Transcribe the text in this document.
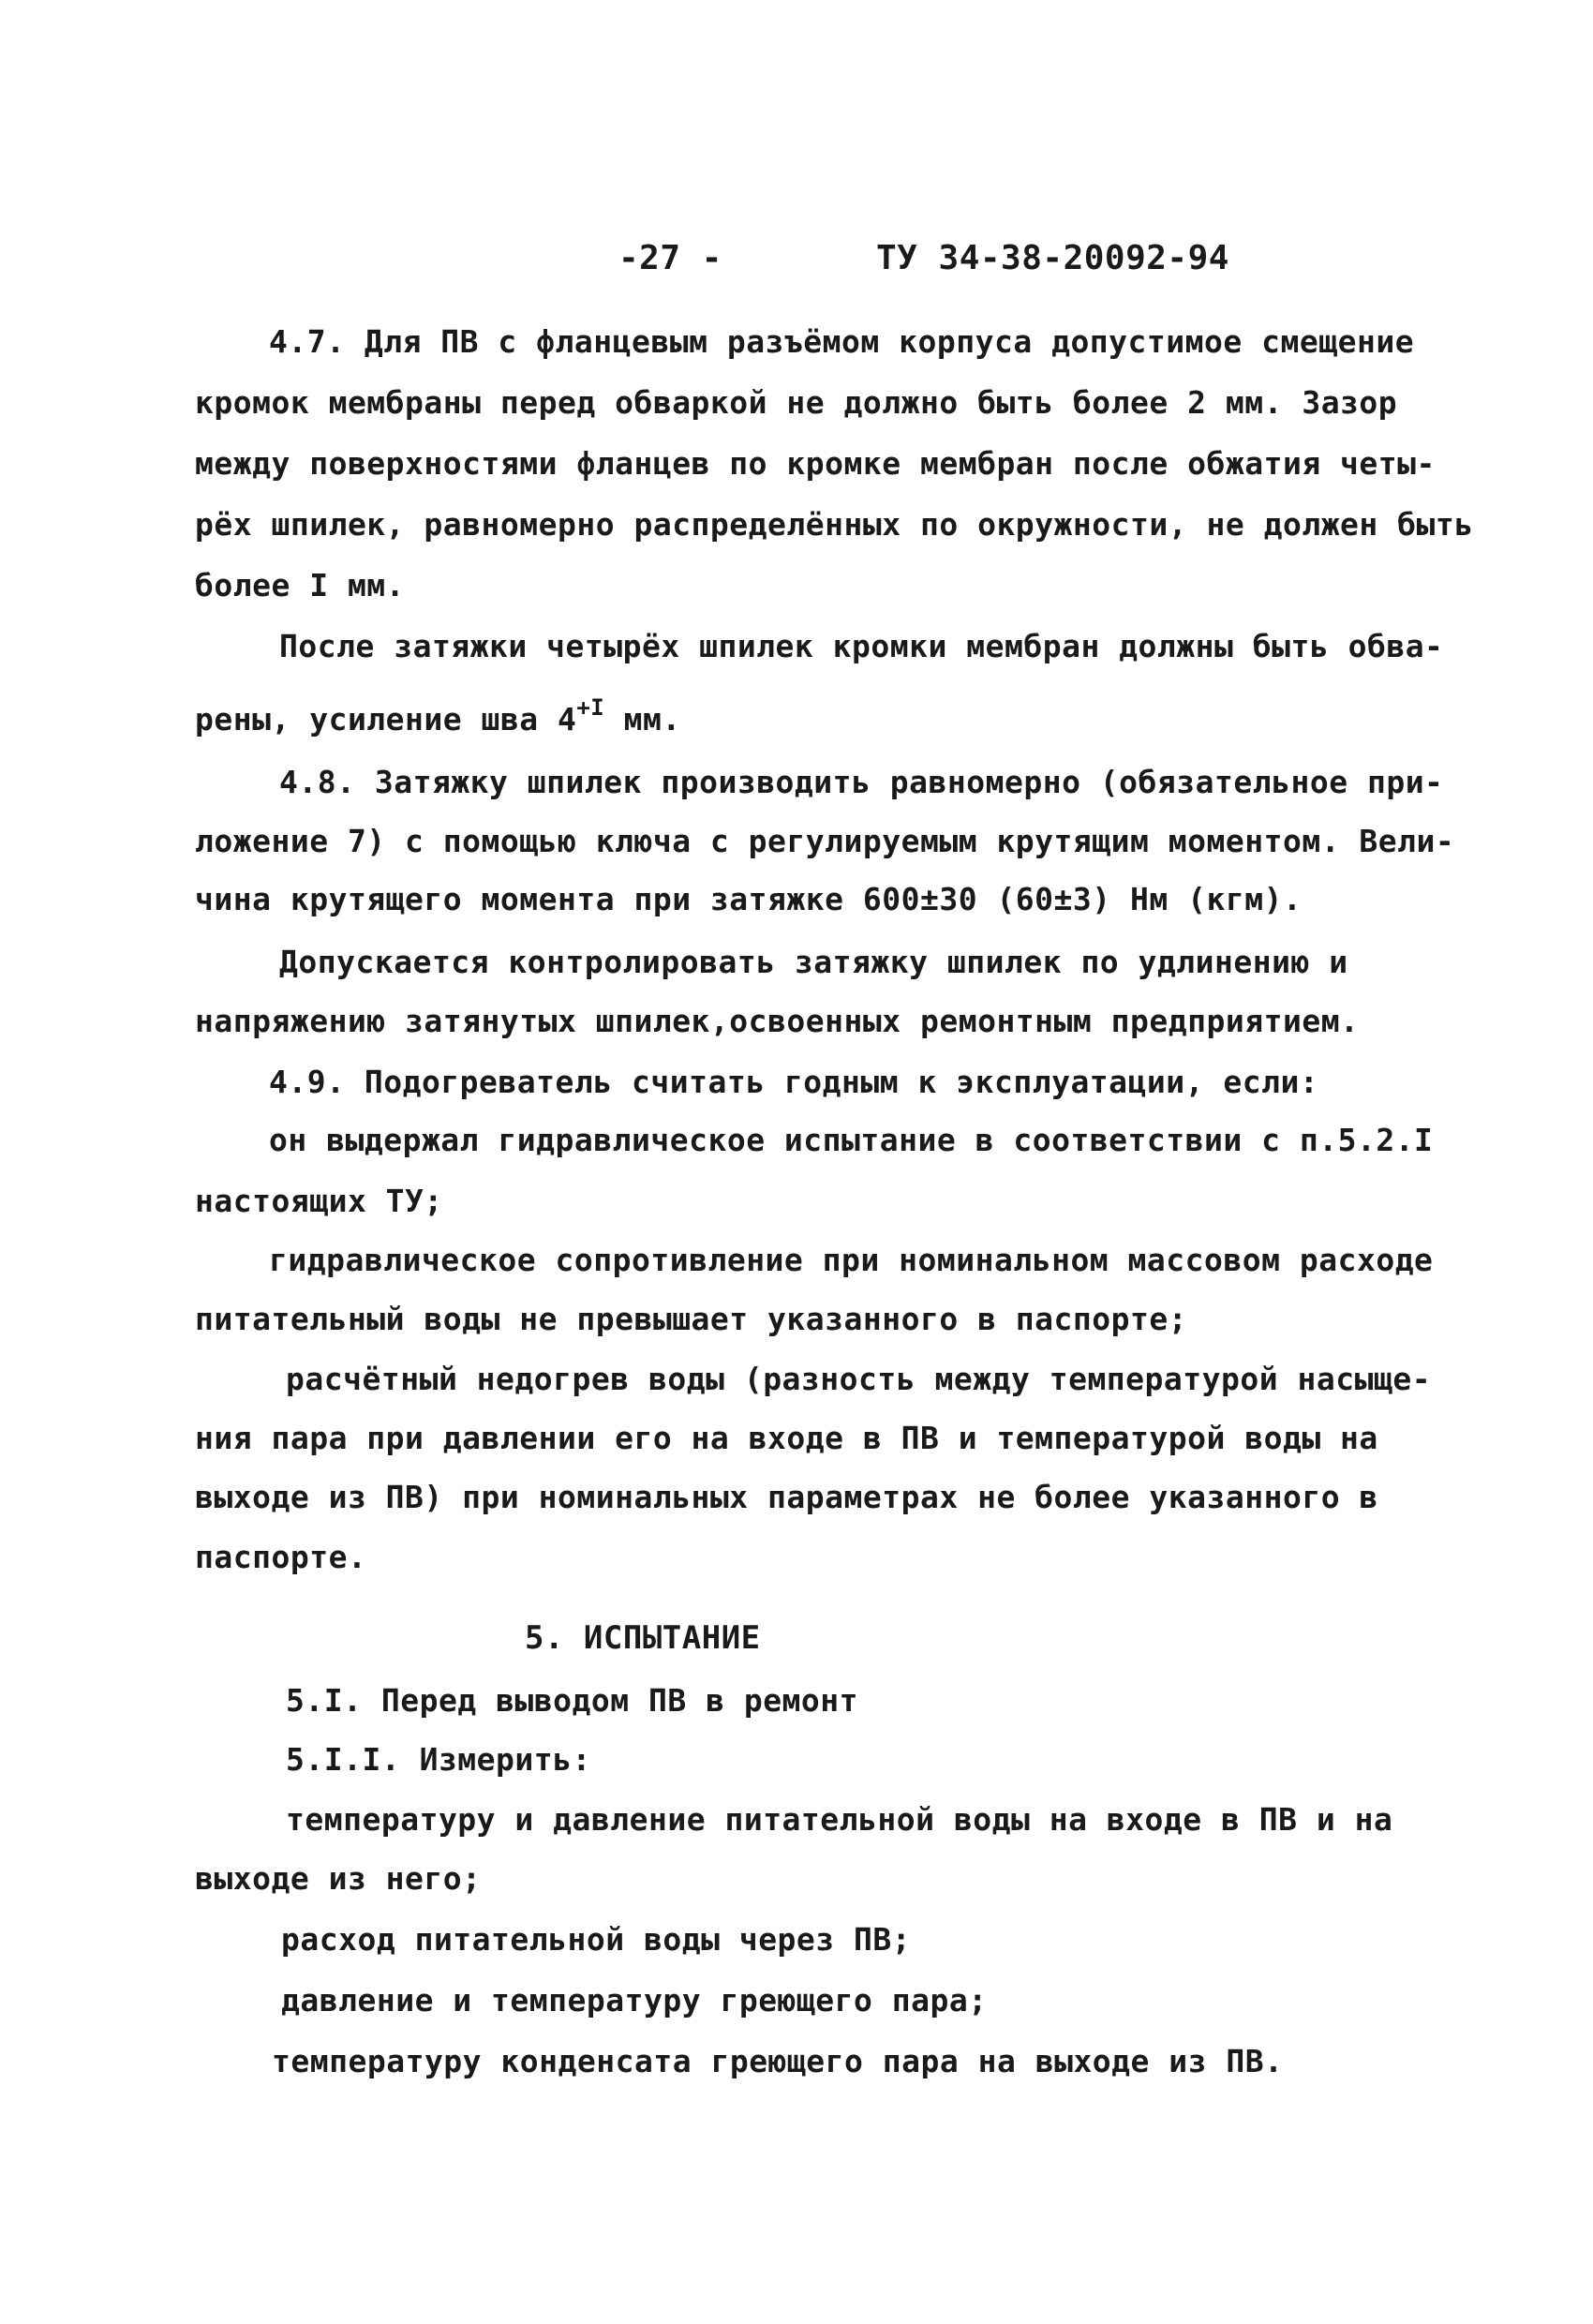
-27 -	ТУ 34-38-20092-94
4.7. Для ПВ с фланцевым разъёмом корпуса допустимое смещение
кромок мембраны перед обваркой не должно быть более 2 мм. Зазор
между поверхностями фланцев по кромке мембран после обжатия четы-
рёх шпилек, равномерно распределённых по окружности, не должен быть
более I мм.
После затяжки четырёх шпилек кромки мембран должны быть обва-
рены, усиление шва $4^{+I}$ мм.
4.8. Затяжку шпилек производить равномерно (обязательное при-
ложение 7) с помощью ключа с регулируемым крутящим моментом. Вели-
чина крутящего момента при затяжке 600±30 (60±3) Нм (кгм).
Допускается контролировать затяжку шпилек по удлинению и
напряжению затянутых шпилек,освоенных ремонтным предприятием.
4.9. Подогреватель считать годным к эксплуатации, если:
он выдержал гидравлическое испытание в соответствии с п.5.2.I
настоящих ТУ;
гидравлическое сопротивление при номинальном массовом расходе
питательный воды не превышает указанного в паспорте;
расчётный недогрев воды (разность между температурой насыще-
ния пара при давлении его на входе в ПВ и температурой воды на
выходе из ПВ) при номинальных параметрах не более указанного в
паспорте.
5. ИСПЫТАНИЕ
5.I. Перед выводом ПВ в ремонт
5.I.I. Измерить:
температуру и давление питательной воды на входе в ПВ и на
выходе из него;
расход питательной воды через ПВ;
давление и температуру греющего пара;
температуру конденсата греющего пара на выходе из ПВ.
